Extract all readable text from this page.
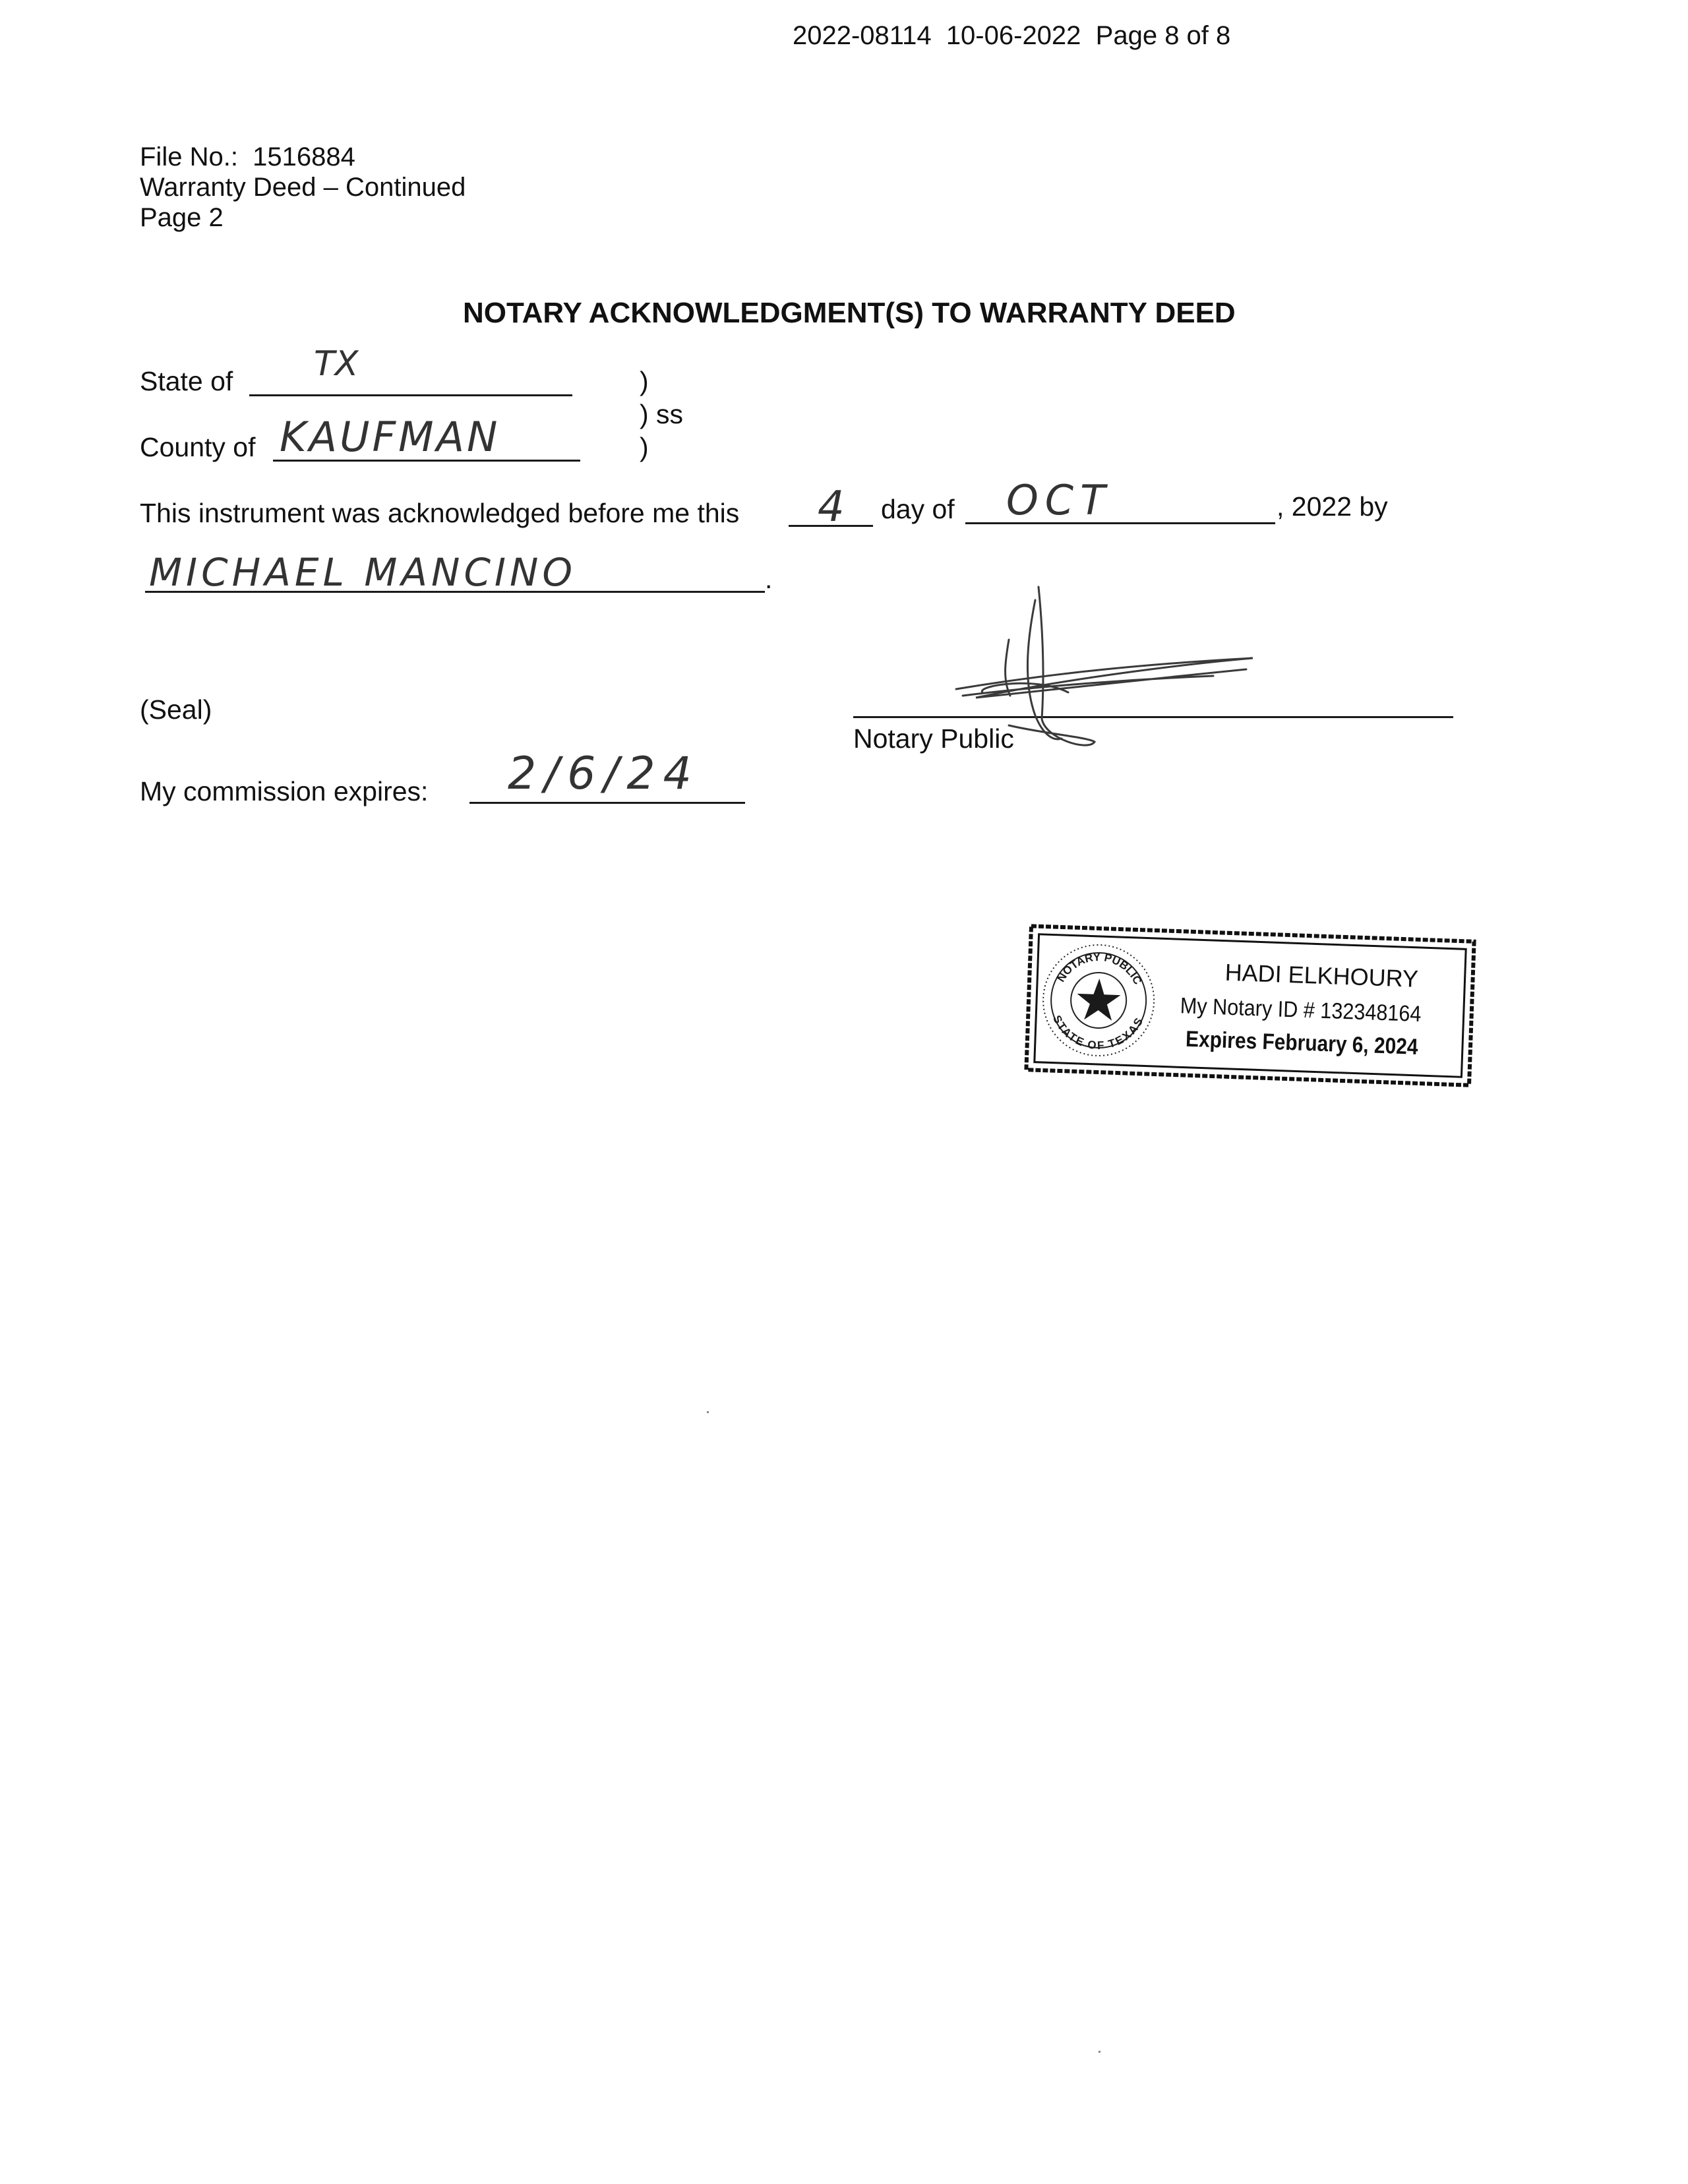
2022-08114 10-06-2022 Page 8 of 8
File No.: 1516884
Warranty Deed – Continued
Page 2
NOTARY ACKNOWLEDGMENT(S) TO WARRANTY DEED
State of TX	)
) ss
)
County of KAUFMAN
This instrument was acknowledged before me this 4 day of OCT	, 2022 by
MICHAEL MANCINO	.
(Seal)
Notary Public
My commission expires: 2/6/24
NOTARY PUBLIC
STATE OF TEXAS
HADI ELKHOURY
My Notary ID # 132348164
Expires February 6, 2024
